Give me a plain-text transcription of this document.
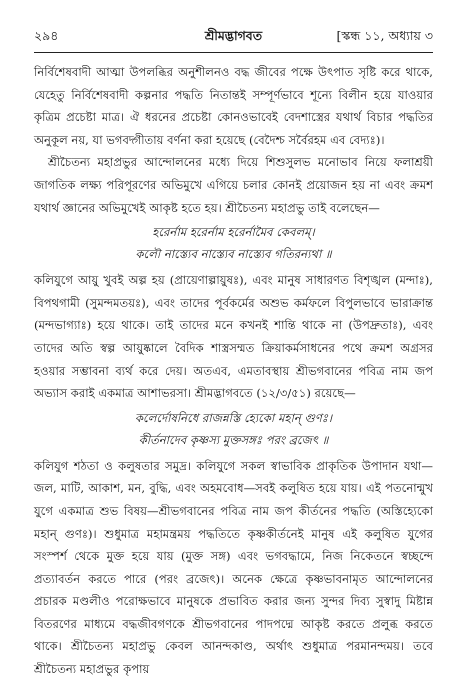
২৯৪	শ্রীমদ্ভাগবত	[স্কন্ধ ১১, অধ্যায় ৩

নির্বিশেষবাদী আত্মা উপলব্ধির অনুশীলনও বদ্ধ জীবের পক্ষে উৎপাত সৃষ্টি করে থাকে, যেহেতু নির্বিশেষবাদী কল্পনার পদ্ধতি নিতান্তই সম্পূর্ণভাবে শূন্যে বিলীন হয়ে যাওয়ার কৃত্রিম প্রচেষ্টা মাত্র। ঐ ধরনের প্রচেষ্টা কোনওভাবেই বেদশাস্ত্রের যথার্থ বিচার পদ্ধতির অনুকূল নয়, যা ভগবদ্গীতায় বর্ণনা করা হয়েছে (বেদৈশ্চ সর্বৈরহম এব বেদ্যঃ)।

শ্রীচৈতন্য মহাপ্রভুর আন্দোলনের মধ্যে দিয়ে শিশুসুলভ মনোভাব নিয়ে ফলাশ্রয়ী জাগতিক লক্ষ্য পরিপূরণের অভিমুখে এগিয়ে চলার কোনই প্রয়োজন হয় না এবং ক্রমশ যথার্থ জ্ঞানের অভিমুখেই আকৃষ্ট হতে হয়। শ্রীচৈতন্য মহাপ্রভু তাই বলেছেন—

হরের্নাম হরের্নাম হরের্নামৈব কেবলম্।
কলৌ নাস্ত্যেব নাস্ত্যেব নাস্ত্যেব গতিরন্যথা ॥

কলিযুগে আয়ু খুবই অল্প হয় (প্রায়েণাল্পায়ুষঃ), এবং মানুষ সাধারণত বিশৃঙ্খল (মন্দাঃ), বিপথগামী (সুমন্দমতয়ঃ), এবং তাদের পূর্বকর্মের অশুভ কর্মফলে বিপুলভাবে ভারাক্রান্ত (মন্দভাগ্যাঃ) হয়ে থাকে। তাই তাদের মনে কখনই শান্তি থাকে না (উপদ্রুতাঃ), এবং তাদের অতি স্বল্প আয়ুষ্কালে বৈদিক শাস্ত্রসম্মত ক্রিয়াকর্মসাধনের পথে ক্রমশ অগ্রসর হওয়ার সম্ভাবনা ব্যর্থ করে দেয়। অতএব, এমতাবস্থায় শ্রীভগবানের পবিত্র নাম জপ অভ্যাস করাই একমাত্র আশাভরসা। শ্রীমদ্ভাগবতে (১২/৩/৫১) রয়েছে—

কলের্দোষনিধে রাজন্নস্তি হ্যেকো মহান্ গুণঃ।
কীর্তনাদেব কৃষ্ণস্য মুক্তসঙ্গঃ পরং ব্রজেৎ ॥

কলিযুগ শঠতা ও কলুষতার সমুদ্র। কলিযুগে সকল স্বাভাবিক প্রাকৃতিক উপাদান যথা—জল, মাটি, আকাশ, মন, বুদ্ধি, এবং অহমবোধ—সবই কলুষিত হয়ে যায়। এই পতনোন্মুখ যুগে একমাত্র শুভ বিষয়—শ্রীভগবানের পবিত্র নাম জপ কীর্তনের পদ্ধতি (অস্তিহ্যেকো মহান্ গুণঃ)। শুধুমাত্র মহামন্ত্রময় পদ্ধতিতে কৃষ্ণকীর্তনেই মানুষ এই কলুষিত যুগের সংস্পর্শ থেকে মুক্ত হয়ে যায় (মুক্ত সঙ্গ) এবং ভগবদ্ধামে, নিজ নিকেতনে স্বচ্ছন্দে প্রত্যাবর্তন করতে পারে (পরং ব্রজেৎ)। অনেক ক্ষেত্রে কৃষ্ণভাবনামৃত আন্দোলনের প্রচারক মণ্ডলীও পরোক্ষভাবে মানুষকে প্রভাবিত করার জন্য সুন্দর দিব্য সুস্বাদু মিষ্টান্ন বিতরণের মাধ্যমে বদ্ধজীবগণকে শ্রীভগবানের পাদপদ্মে আকৃষ্ট করতে প্রলুব্ধ করতে থাকে। শ্রীচৈতন্য মহাপ্রভু কেবল আনন্দকাণ্ড, অর্থাৎ শুধুমাত্র পরমানন্দময়। তবে শ্রীচৈতন্য মহাপ্রভুর কৃপায়
